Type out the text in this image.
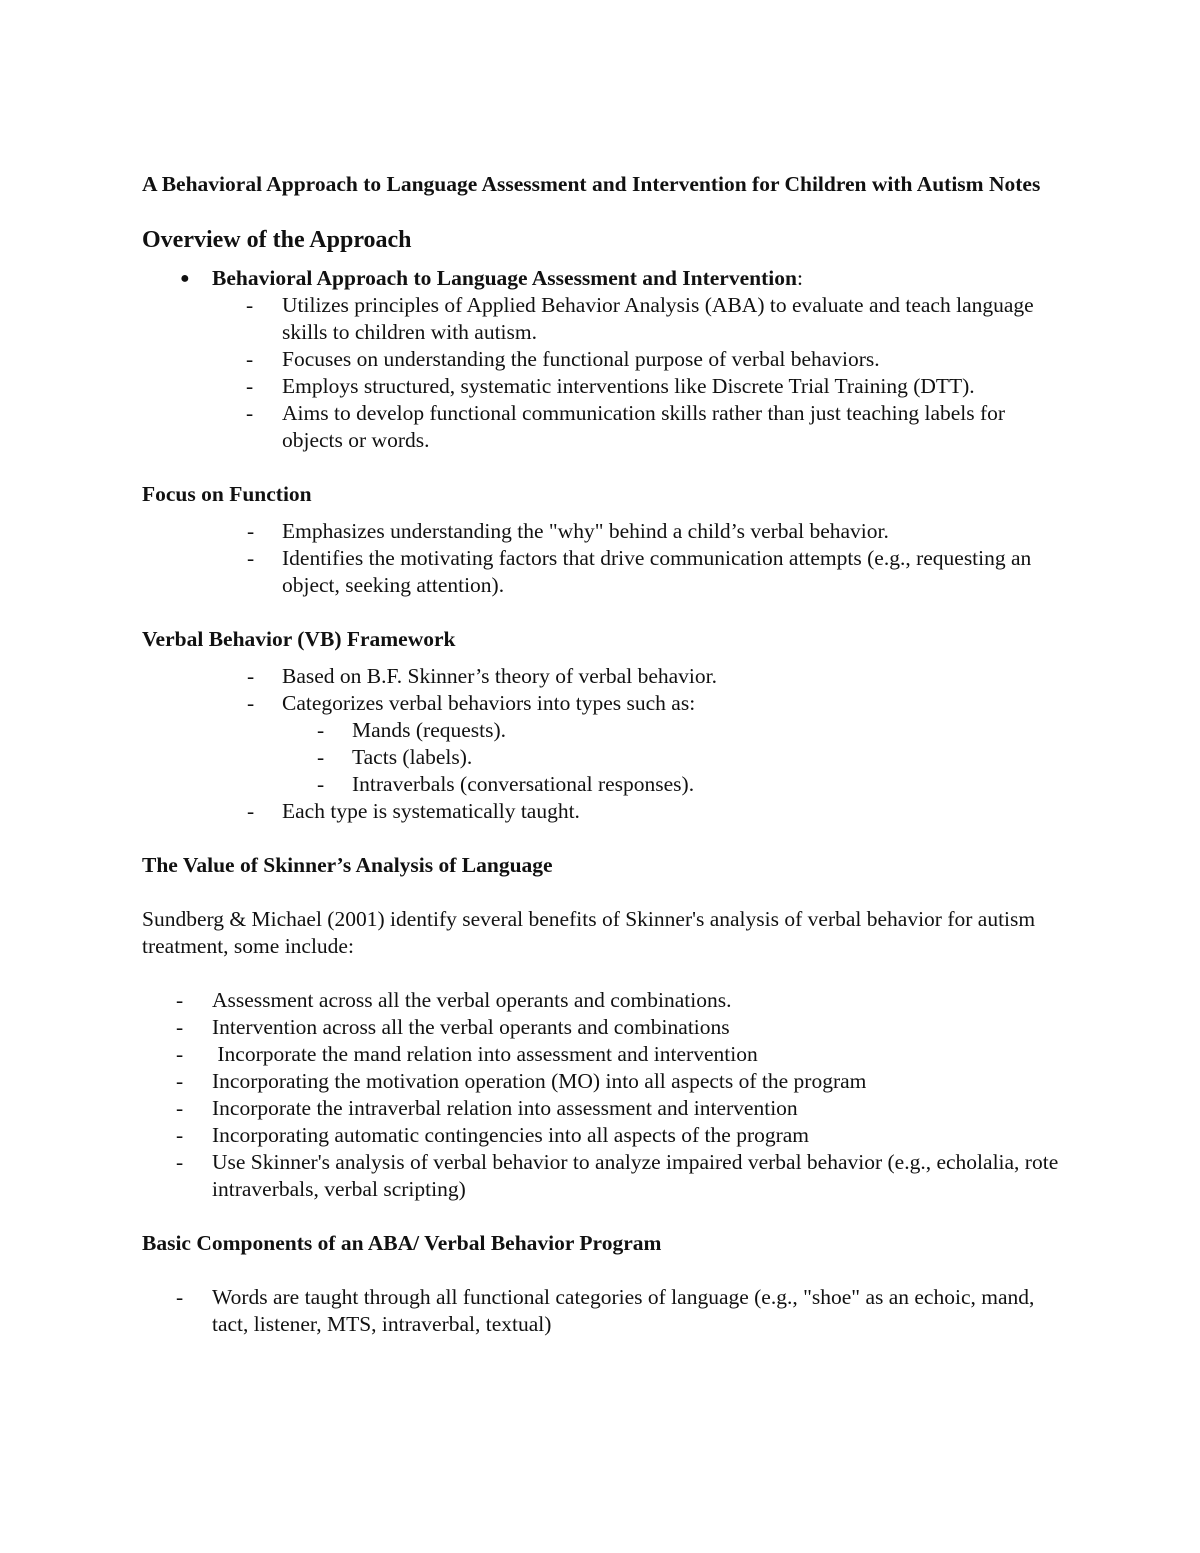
A Behavioral Approach to Language Assessment and Intervention for Children with Autism Notes
Overview of the Approach
● Behavioral Approach to Language Assessment and Intervention:
- Utilizes principles of Applied Behavior Analysis (ABA) to evaluate and teach language skills to children with autism.
- Focuses on understanding the functional purpose of verbal behaviors.
- Employs structured, systematic interventions like Discrete Trial Training (DTT).
- Aims to develop functional communication skills rather than just teaching labels for objects or words.
Focus on Function
- Emphasizes understanding the "why" behind a child’s verbal behavior.
- Identifies the motivating factors that drive communication attempts (e.g., requesting an object, seeking attention).
Verbal Behavior (VB) Framework
- Based on B.F. Skinner’s theory of verbal behavior.
- Categorizes verbal behaviors into types such as:
- Mands (requests).
- Tacts (labels).
- Intraverbals (conversational responses).
- Each type is systematically taught.
The Value of Skinner’s Analysis of Language

Sundberg & Michael (2001) identify several benefits of Skinner's analysis of verbal behavior for autism treatment, some include:

- Assessment across all the verbal operants and combinations.
- Intervention across all the verbal operants and combinations
- Incorporate the mand relation into assessment and intervention
- Incorporating the motivation operation (MO) into all aspects of the program
- Incorporate the intraverbal relation into assessment and intervention
- Incorporating automatic contingencies into all aspects of the program
- Use Skinner's analysis of verbal behavior to analyze impaired verbal behavior (e.g., echolalia, rote intraverbals, verbal scripting)
Basic Components of an ABA/ Verbal Behavior Program
- Words are taught through all functional categories of language (e.g., "shoe" as an echoic, mand, tact, listener, MTS, intraverbal, textual)
